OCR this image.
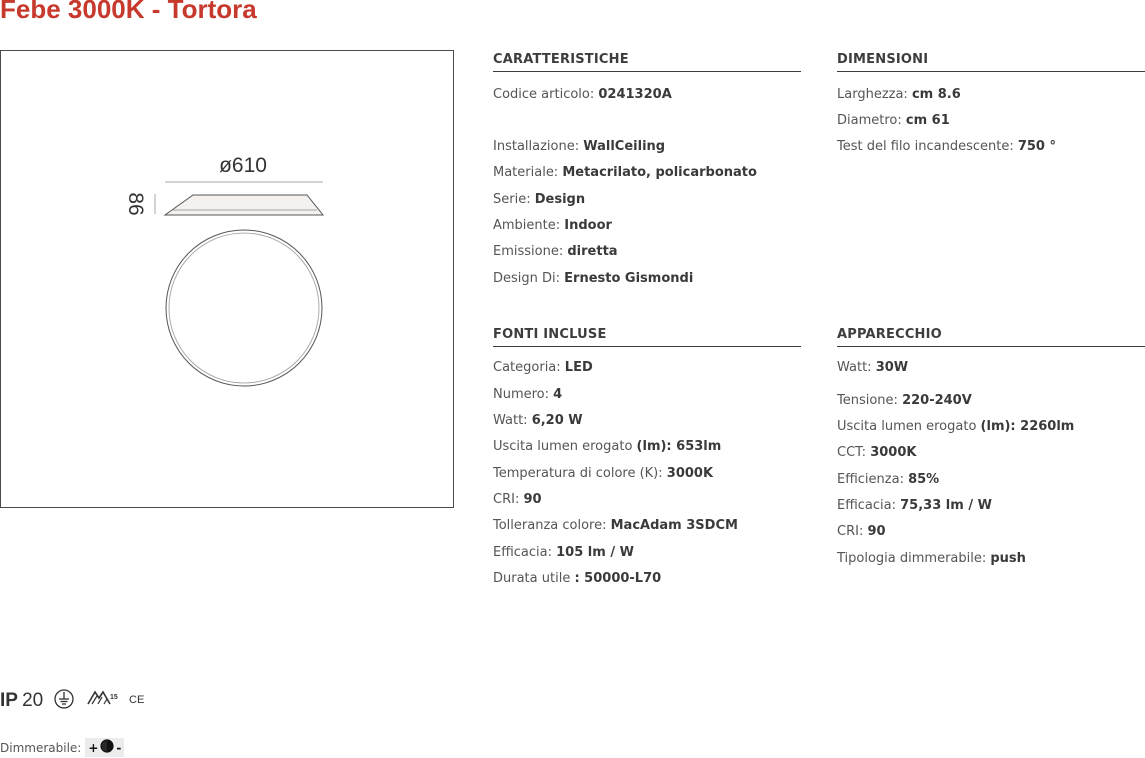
Febe 3000K - Tortora
ø610
86
CARATTERISTICHE
Codice articolo: 0241320A
Installazione: WallCeiling
Materiale: Metacrilato, policarbonato
Serie: Design
Ambiente: Indoor
Emissione: diretta
Design Di: Ernesto Gismondi
DIMENSIONI
Larghezza: cm 8.6
Diametro: cm 61
Test del filo incandescente: 750 °
FONTI INCLUSE
Categoria: LED
Numero: 4
Watt: 6,20 W
Uscita lumen erogato (lm): 653lm
Temperatura di colore (K): 3000K
CRI: 90
Tolleranza colore: MacAdam 3SDCM
Efficacia: 105 lm / W
Durata utile : 50000-L70
APPARECCHIO
Watt: 30W
Tensione: 220-240V
Uscita lumen erogato (lm): 2260lm
CCT: 3000K
Efficienza: 85%
Efficacia: 75,33 lm / W
CRI: 90
Tipologia dimmerabile: push
IP 20	15 CE
Dimmerabile: + -
